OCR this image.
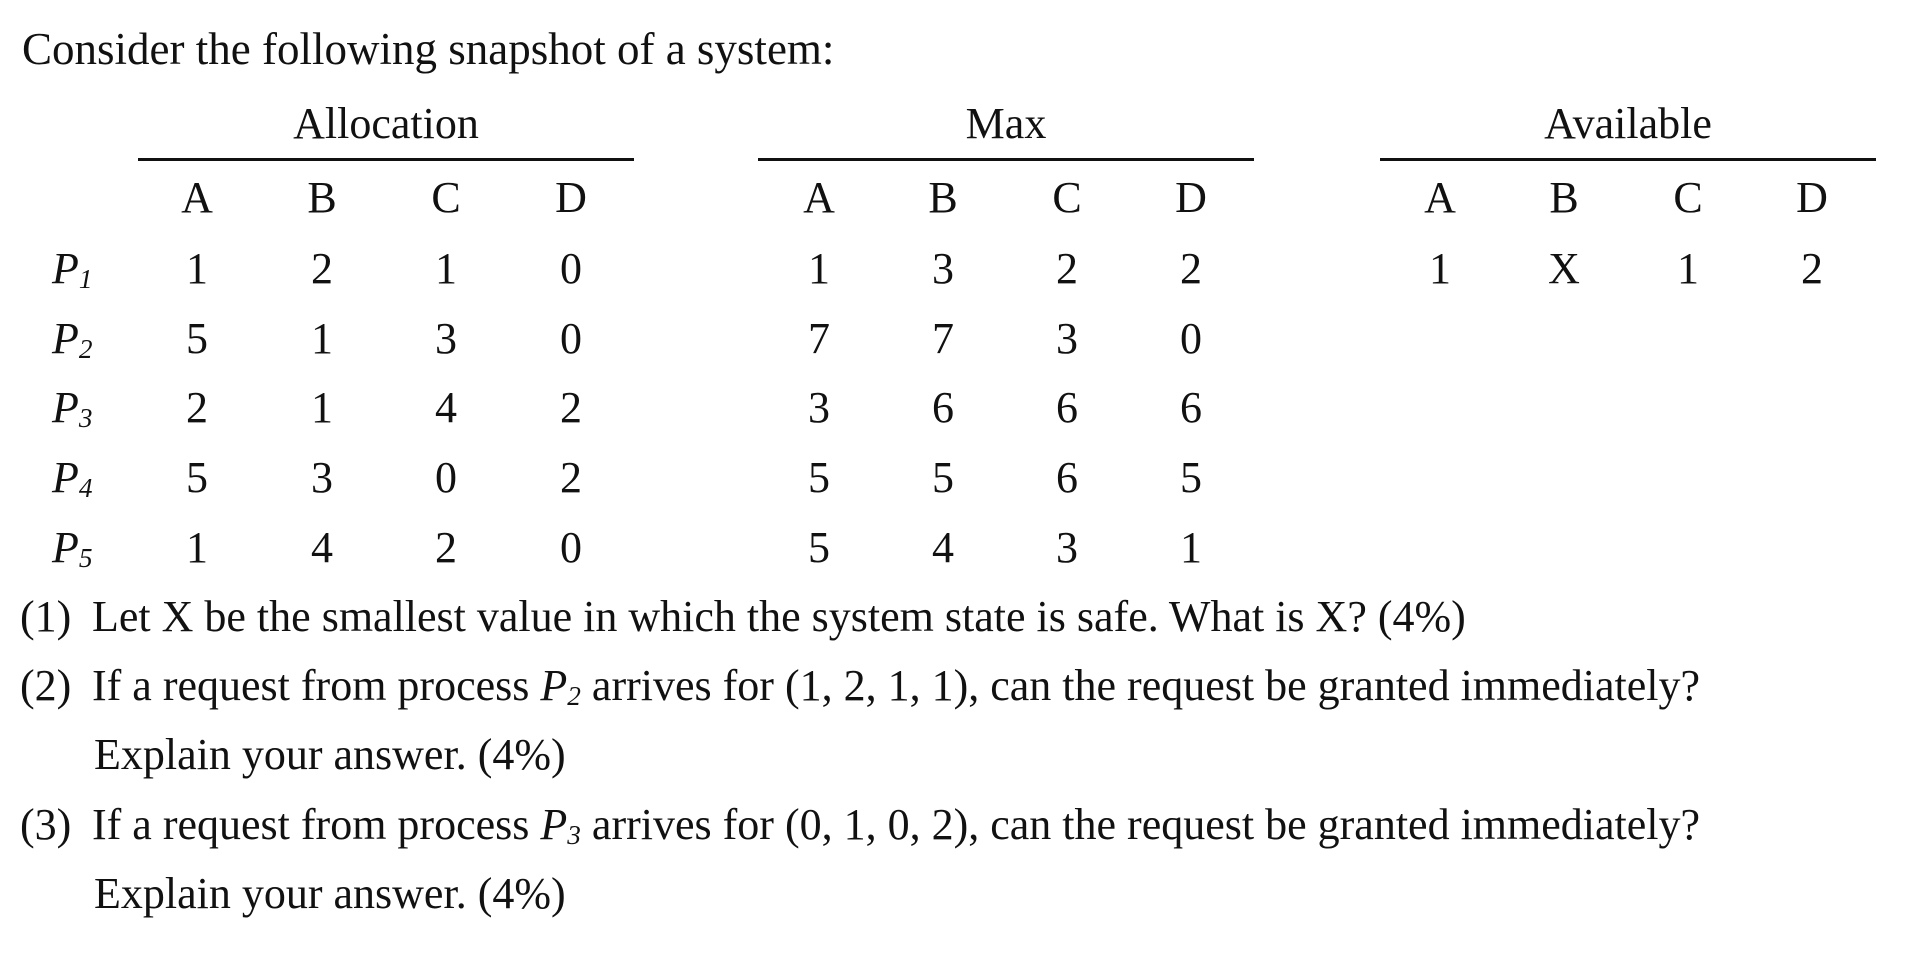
Consider the following snapshot of a system:
Allocation	Max	Available
A	B	C	D	A	B	C	D	A	B	C	D
$P_1$	1	2	1	0	1	3	2	2	1	X	1	2
$P_2$	5	1	3	0	7	7	3	0
$P_3$	2	1	4	2	3	6	6	6
$P_4$	5	3	0	2	5	5	6	5
$P_5$	1	4	2	0	5	4	3	1
(1) Let X be the smallest value in which the system state is safe. What is X? (4%)
(2) If a request from process $P_2$ arrives for (1, 2, 1, 1), can the request be granted immediately?
Explain your answer. (4%)
(3) If a request from process $P_3$ arrives for (0, 1, 0, 2), can the request be granted immediately?
Explain your answer. (4%)
